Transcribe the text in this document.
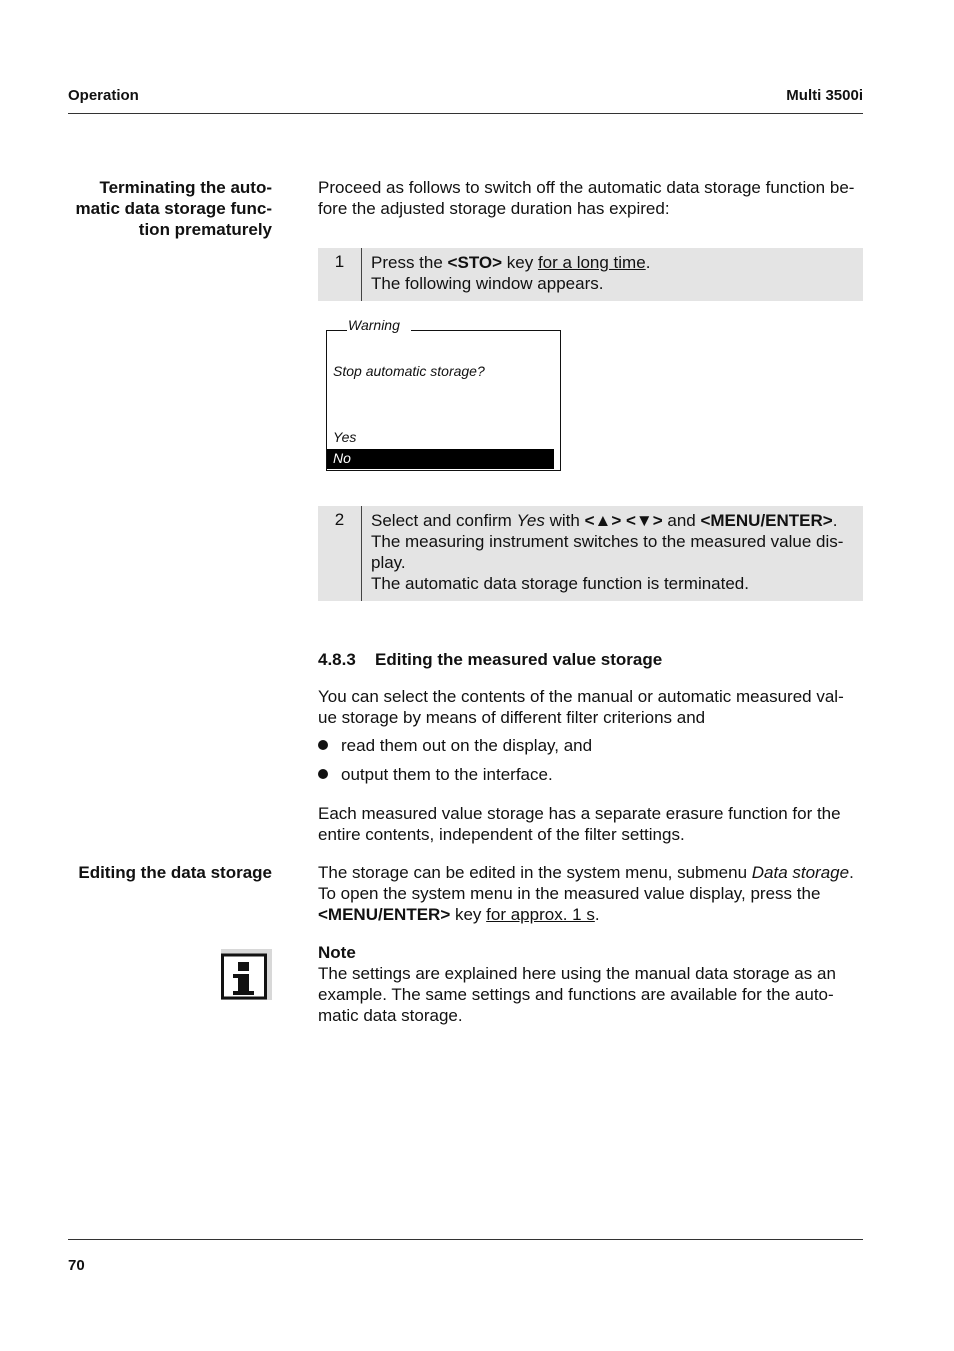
Operation	Multi 3500i
Terminating the auto-
matic data storage func-
tion prematurely
Proceed as follows to switch off the automatic data storage function be-
fore the adjusted storage duration has expired:
1	Press the <STO> key for a long time.
The following window appears.
Warning
Stop automatic storage?
Yes
No
2	Select and confirm Yes with <▲> <▼> and <MENU/ENTER>.
The measuring instrument switches to the measured value dis-
play.
The automatic data storage function is terminated.
4.8.3 Editing the measured value storage
You can select the contents of the manual or automatic measured val-
ue storage by means of different filter criterions and
read them out on the display, and
output them to the interface.
Each measured value storage has a separate erasure function for the
entire contents, independent of the filter settings.
Editing the data storage	The storage can be edited in the system menu, submenu Data storage.
To open the system menu in the measured value display, press the
<MENU/ENTER> key for approx. 1 s.
Note
The settings are explained here using the manual data storage as an
example. The same settings and functions are available for the auto-
matic data storage.
70
